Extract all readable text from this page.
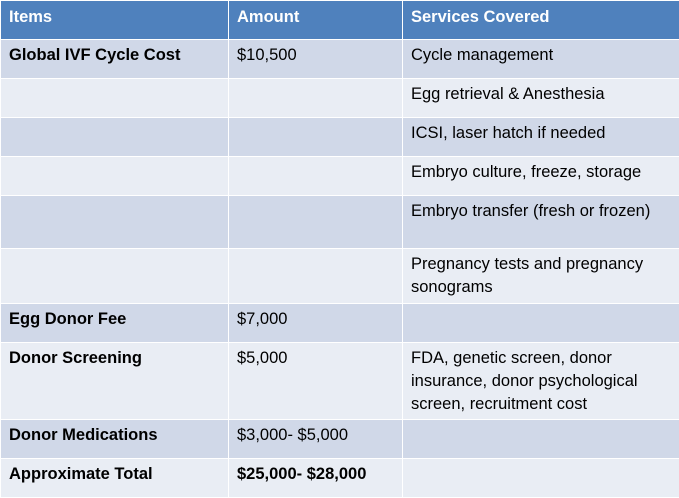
Items	Amount	Services Covered
Global IVF Cycle Cost	$10,500	Cycle management
		Egg retrieval & Anesthesia
		ICSI, laser hatch if needed
		Embryo culture, freeze, storage
		Embryo transfer (fresh or frozen)
		Pregnancy tests and pregnancy sonograms
Egg Donor Fee	$7,000	
Donor Screening	$5,000	FDA, genetic screen, donor insurance, donor psychological screen, recruitment cost
Donor Medications	$3,000- $5,000	
Approximate Total	$25,000- $28,000	
